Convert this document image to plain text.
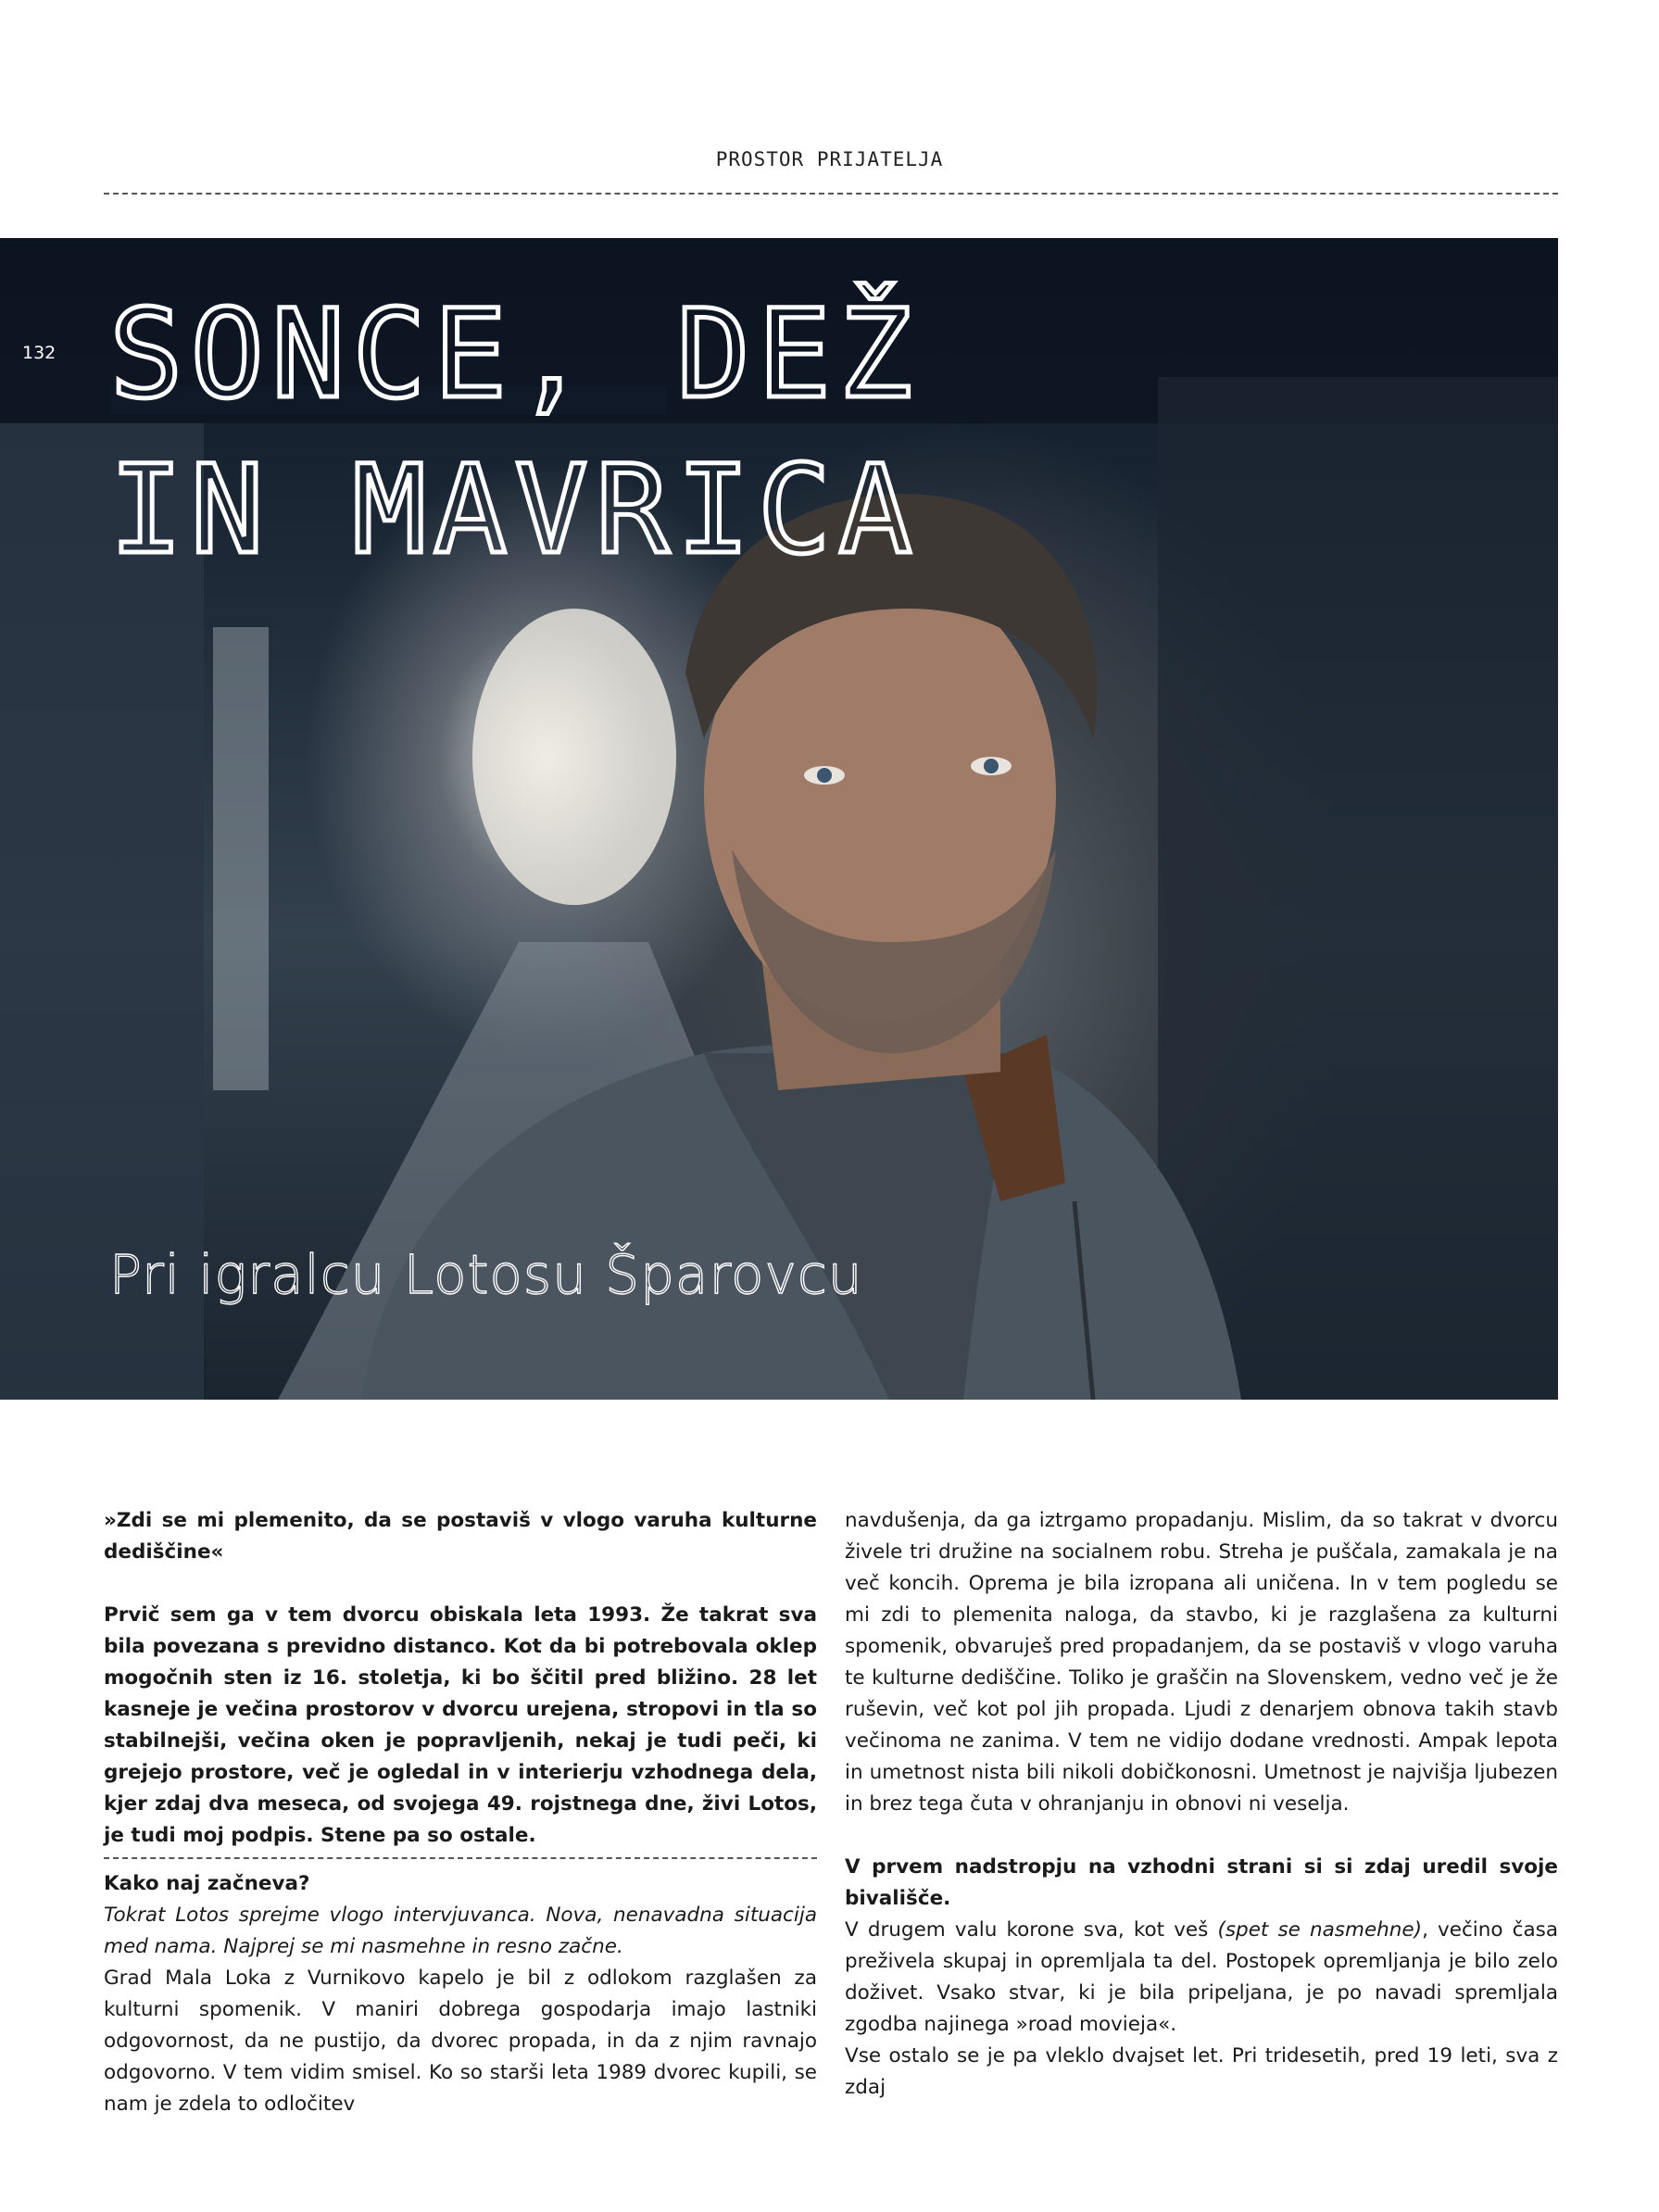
PROSTOR PRIJATELJA
132 SONCE, DEŽ
IN MAVRICA
Pri igralcu Lotosu Šparovcu

»Zdi se mi plemenito, da se postaviš v vlogo varuha kulturne dediščine«

Prvič sem ga v tem dvorcu obiskala leta 1993. Že takrat sva bila povezana s previdno distanco. Kot da bi potrebovala oklep mogočnih sten iz 16. stoletja, ki bo ščitil pred bližino. 28 let kasneje je večina prostorov v dvorcu urejena, stropovi in tla so stabilnejši, večina oken je popravljenih, nekaj je tudi peči, ki grejejo prostore, več je ogledal in v interierju vzhodnega dela, kjer zdaj dva meseca, od svojega 49. rojstnega dne, živi Lotos, je tudi moj podpis. Stene pa so ostale.

Kako naj začneva?

Tokrat Lotos sprejme vlogo intervjuvanca. Nova, nenavadna situacija med nama. Najprej se mi nasmehne in resno začne.

Grad Mala Loka z Vurnikovo kapelo je bil z odlokom razglašen za kulturni spomenik. V maniri dobrega gospodarja imajo lastniki odgovornost, da ne pustijo, da dvorec propada, in da z njim ravnajo odgovorno. V tem vidim smisel. Ko so starši leta 1989 dvorec kupili, se nam je zdela to odločitev

navdušenja, da ga iztrgamo propadanju. Mislim, da so takrat v dvorcu živele tri družine na socialnem robu. Streha je puščala, zamakala je na več koncih. Oprema je bila izropana ali uničena. In v tem pogledu se mi zdi to plemenita naloga, da stavbo, ki je razglašena za kulturni spomenik, obvaruješ pred propadanjem, da se postaviš v vlogo varuha te kulturne dediščine. Toliko je graščin na Slovenskem, vedno več je že ruševin, več kot pol jih propada. Ljudi z denarjem obnova takih stavb večinoma ne zanima. V tem ne vidijo dodane vrednosti. Ampak lepota in umetnost nista bili nikoli dobičkonosni. Umetnost je najvišja ljubezen in brez tega čuta v ohranjanju in obnovi ni veselja.

V prvem nadstropju na vzhodni strani si si zdaj uredil svoje bivališče.

V drugem valu korone sva, kot veš (spet se nasmehne), večino časa preživela skupaj in opremljala ta del. Postopek opremljanja je bilo zelo doživet. Vsako stvar, ki je bila pripeljana, je po navadi spremljala zgodba najinega »road movieja«.

Vse ostalo se je pa vleklo dvajset let. Pri tridesetih, pred 19 leti, sva z zdaj
